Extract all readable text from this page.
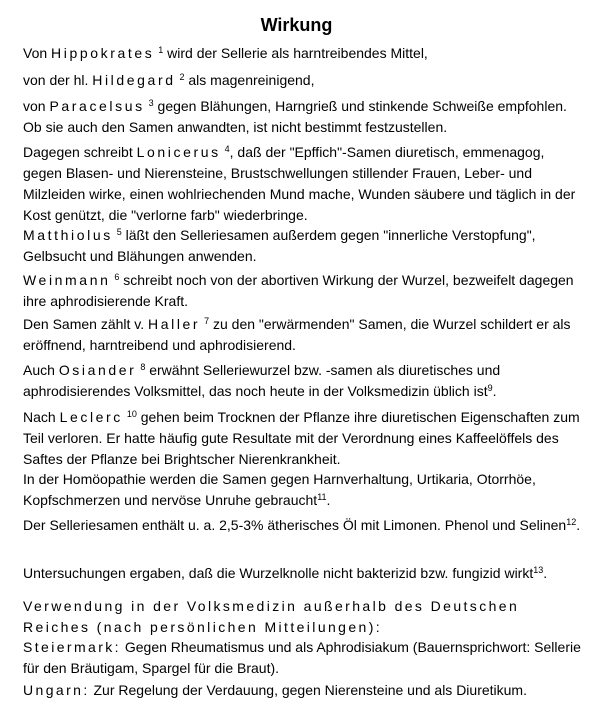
Wirkung

Von Hippokrates $^1$ wird der Sellerie als harntreibendes Mittel,

von der hl. Hildegard $^2$ als magenreinigend,

von Paracelsus $^3$ gegen Blähungen, Harngrieß und stinkende Schweiße empfohlen. Ob sie auch den Samen anwandten, ist nicht bestimmt festzustellen.

Dagegen schreibt Lonicerus $^4$, daß der "Epffich"-Samen diuretisch, emmenagog, gegen Blasen- und Nierensteine, Brustschwellungen stillender Frauen, Leber- und Milzleiden wirke, einen wohlriechenden Mund mache, Wunden säubere und täglich in der Kost genützt, die "verlorne farb" wiederbringe.

Matthiolus $^5$ läßt den Selleriesamen außerdem gegen "innerliche Verstopfung", Gelbsucht und Blähungen anwenden.

Weinmann $^6$ schreibt noch von der abortiven Wirkung der Wurzel, bezweifelt dagegen ihre aphrodisierende Kraft.

Den Samen zählt v. Haller $^7$ zu den "erwärmenden" Samen, die Wurzel schildert er als eröffnend, harntreibend und aphrodisierend.

Auch Osiander $^8$ erwähnt Selleriewurzel bzw. -samen als diuretisches und aphrodisierendes Volksmittel, das noch heute in der Volksmedizin üblich ist$^9$.

Nach Leclerc $^{10}$ gehen beim Trocknen der Pflanze ihre diuretischen Eigenschaften zum Teil verloren. Er hatte häufig gute Resultate mit der Verordnung eines Kaffeelöffels des Saftes der Pflanze bei Brightscher Nierenkrankheit.

In der Homöopathie werden die Samen gegen Harnverhaltung, Urtikaria, Otorrhöe, Kopfschmerzen und nervöse Unruhe gebraucht$^{11}$.

Der Selleriesamen enthält u. a. 2,5-3% ätherisches Öl mit Limonen. Phenol und Selinen$^{12}$.

Untersuchungen ergaben, daß die Wurzelknolle nicht bakterizid bzw. fungizid wirkt$^{13}$.

Verwendung in der Volksmedizin außerhalb des Deutschen Reiches (nach persönlichen Mitteilungen):

Steiermark: Gegen Rheumatismus und als Aphrodisiakum (Bauernsprichwort: Sellerie für den Bräutigam, Spargel für die Braut).

Ungarn: Zur Regelung der Verdauung, gegen Nierensteine und als Diuretikum.
